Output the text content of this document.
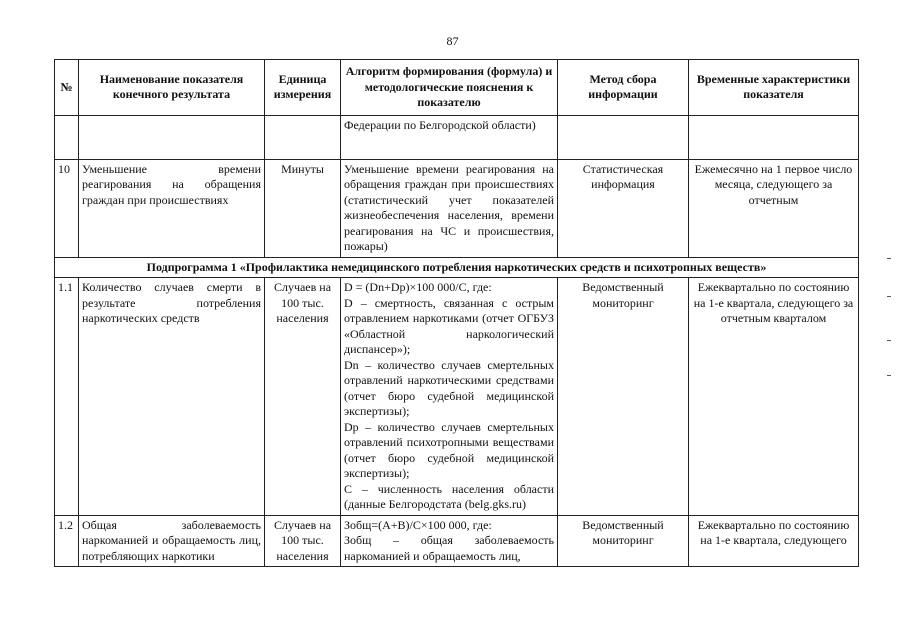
87
№	Наименование показателя конечного результата	Единица измерения	Алгоритм формирования (формула) и методологические пояснения к показателю	Метод сбора информации	Временные характеристики показателя
			Федерации по Белгородской области)		
10	Уменьшение времени реагирования на обращения граждан при происшествиях	Минуты	Уменьшение времени реагирования на обращения граждан при происшествиях (статистический учет показателей жизнеобеспечения населения, времени реагирования на ЧС и происшествия, пожары)	Статистическая информация	Ежемесячно на 1 первое число месяца, следующего за отчетным
Подпрограмма 1 «Профилактика немедицинского потребления наркотических средств и психотропных веществ»					
1.1	Количество случаев смерти в результате потребления наркотических средств	Случаев на 100 тыс. населения	D = (Dn+Dp)×100 000/С, где:
D – смертность, связанная с острым отравлением наркотиками (отчет ОГБУЗ «Областной наркологический диспансер»);
Dn – количество случаев смертельных отравлений наркотическими средствами (отчет бюро судебной медицинской экспертизы);
Dp – количество случаев смертельных отравлений психотропными веществами (отчет бюро судебной медицинской экспертизы);
С – численность населения области (данные Белгородстата (belg.gks.ru)	Ведомственный мониторинг	Ежеквартально по состоянию на 1-е квартала, следующего за отчетным кварталом
1.2	Общая заболеваемость наркоманией и обращаемость лиц, потребляющих наркотики	Случаев на 100 тыс. населения	Зобщ=(A+B)/C×100 000, где:
Зобщ – общая заболеваемость наркоманией и обращаемость лиц,	Ведомственный мониторинг	Ежеквартально по состоянию на 1-е квартала, следующего
